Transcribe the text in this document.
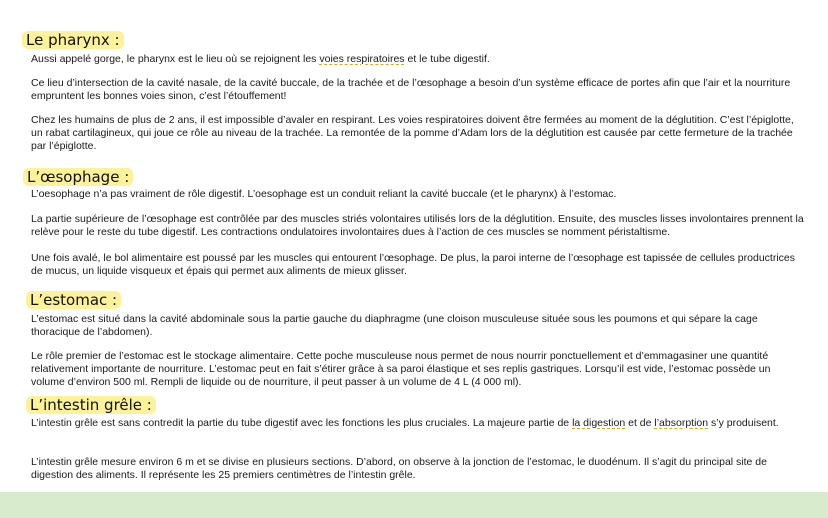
Le pharynx :
Aussi appelé gorge, le pharynx est le lieu où se rejoignent les voies respiratoires et le tube digestif.
Ce lieu d’intersection de la cavité nasale, de la cavité buccale, de la trachée et de l’œsophage a besoin d’un système efficace de portes afin que l’air et la nourriture empruntent les bonnes voies sinon, c’est l’étouffement!
Chez les humains de plus de 2 ans, il est impossible d’avaler en respirant. Les voies respiratoires doivent être fermées au moment de la déglutition. C’est l’épiglotte, un rabat cartilagineux, qui joue ce rôle au niveau de la trachée. La remontée de la pomme d’Adam lors de la déglutition est causée par cette fermeture de la trachée par l’épiglotte.
L’œsophage :
L’oesophage n’a pas vraiment de rôle digestif. L’oesophage est un conduit reliant la cavité buccale (et le pharynx) à l’estomac.
La partie supérieure de l’œsophage est contrôlée par des muscles striés volontaires utilisés lors de la déglutition. Ensuite, des muscles lisses involontaires prennent la relève pour le reste du tube digestif. Les contractions ondulatoires involontaires dues à l’action de ces muscles se nomment péristaltisme.
Une fois avalé, le bol alimentaire est poussé par les muscles qui entourent l’œsophage. De plus, la paroi interne de l’œsophage est tapissée de cellules productrices de mucus, un liquide visqueux et épais qui permet aux aliments de mieux glisser.
L’estomac :
L’estomac est situé dans la cavité abdominale sous la partie gauche du diaphragme (une cloison musculeuse située sous les poumons et qui sépare la cage thoracique de l’abdomen).
Le rôle premier de l’estomac est le stockage alimentaire. Cette poche musculeuse nous permet de nous nourrir ponctuellement et d’emmagasiner une quantité relativement importante de nourriture. L’estomac peut en fait s’étirer grâce à sa paroi élastique et ses replis gastriques. Lorsqu’il est vide, l’estomac possède un volume d’environ 500 ml. Rempli de liquide ou de nourriture, il peut passer à un volume de 4 L (4 000 ml).
L’intestin grêle :
L’intestin grêle est sans contredit la partie du tube digestif avec les fonctions les plus cruciales. La majeure partie de la digestion et de l’absorption s’y produisent.
L’intestin grêle mesure environ 6 m et se divise en plusieurs sections. D’abord, on observe à la jonction de l’estomac, le duodénum. Il s’agit du principal site de digestion des aliments. Il représente les 25 premiers centimètres de l’intestin grêle.
